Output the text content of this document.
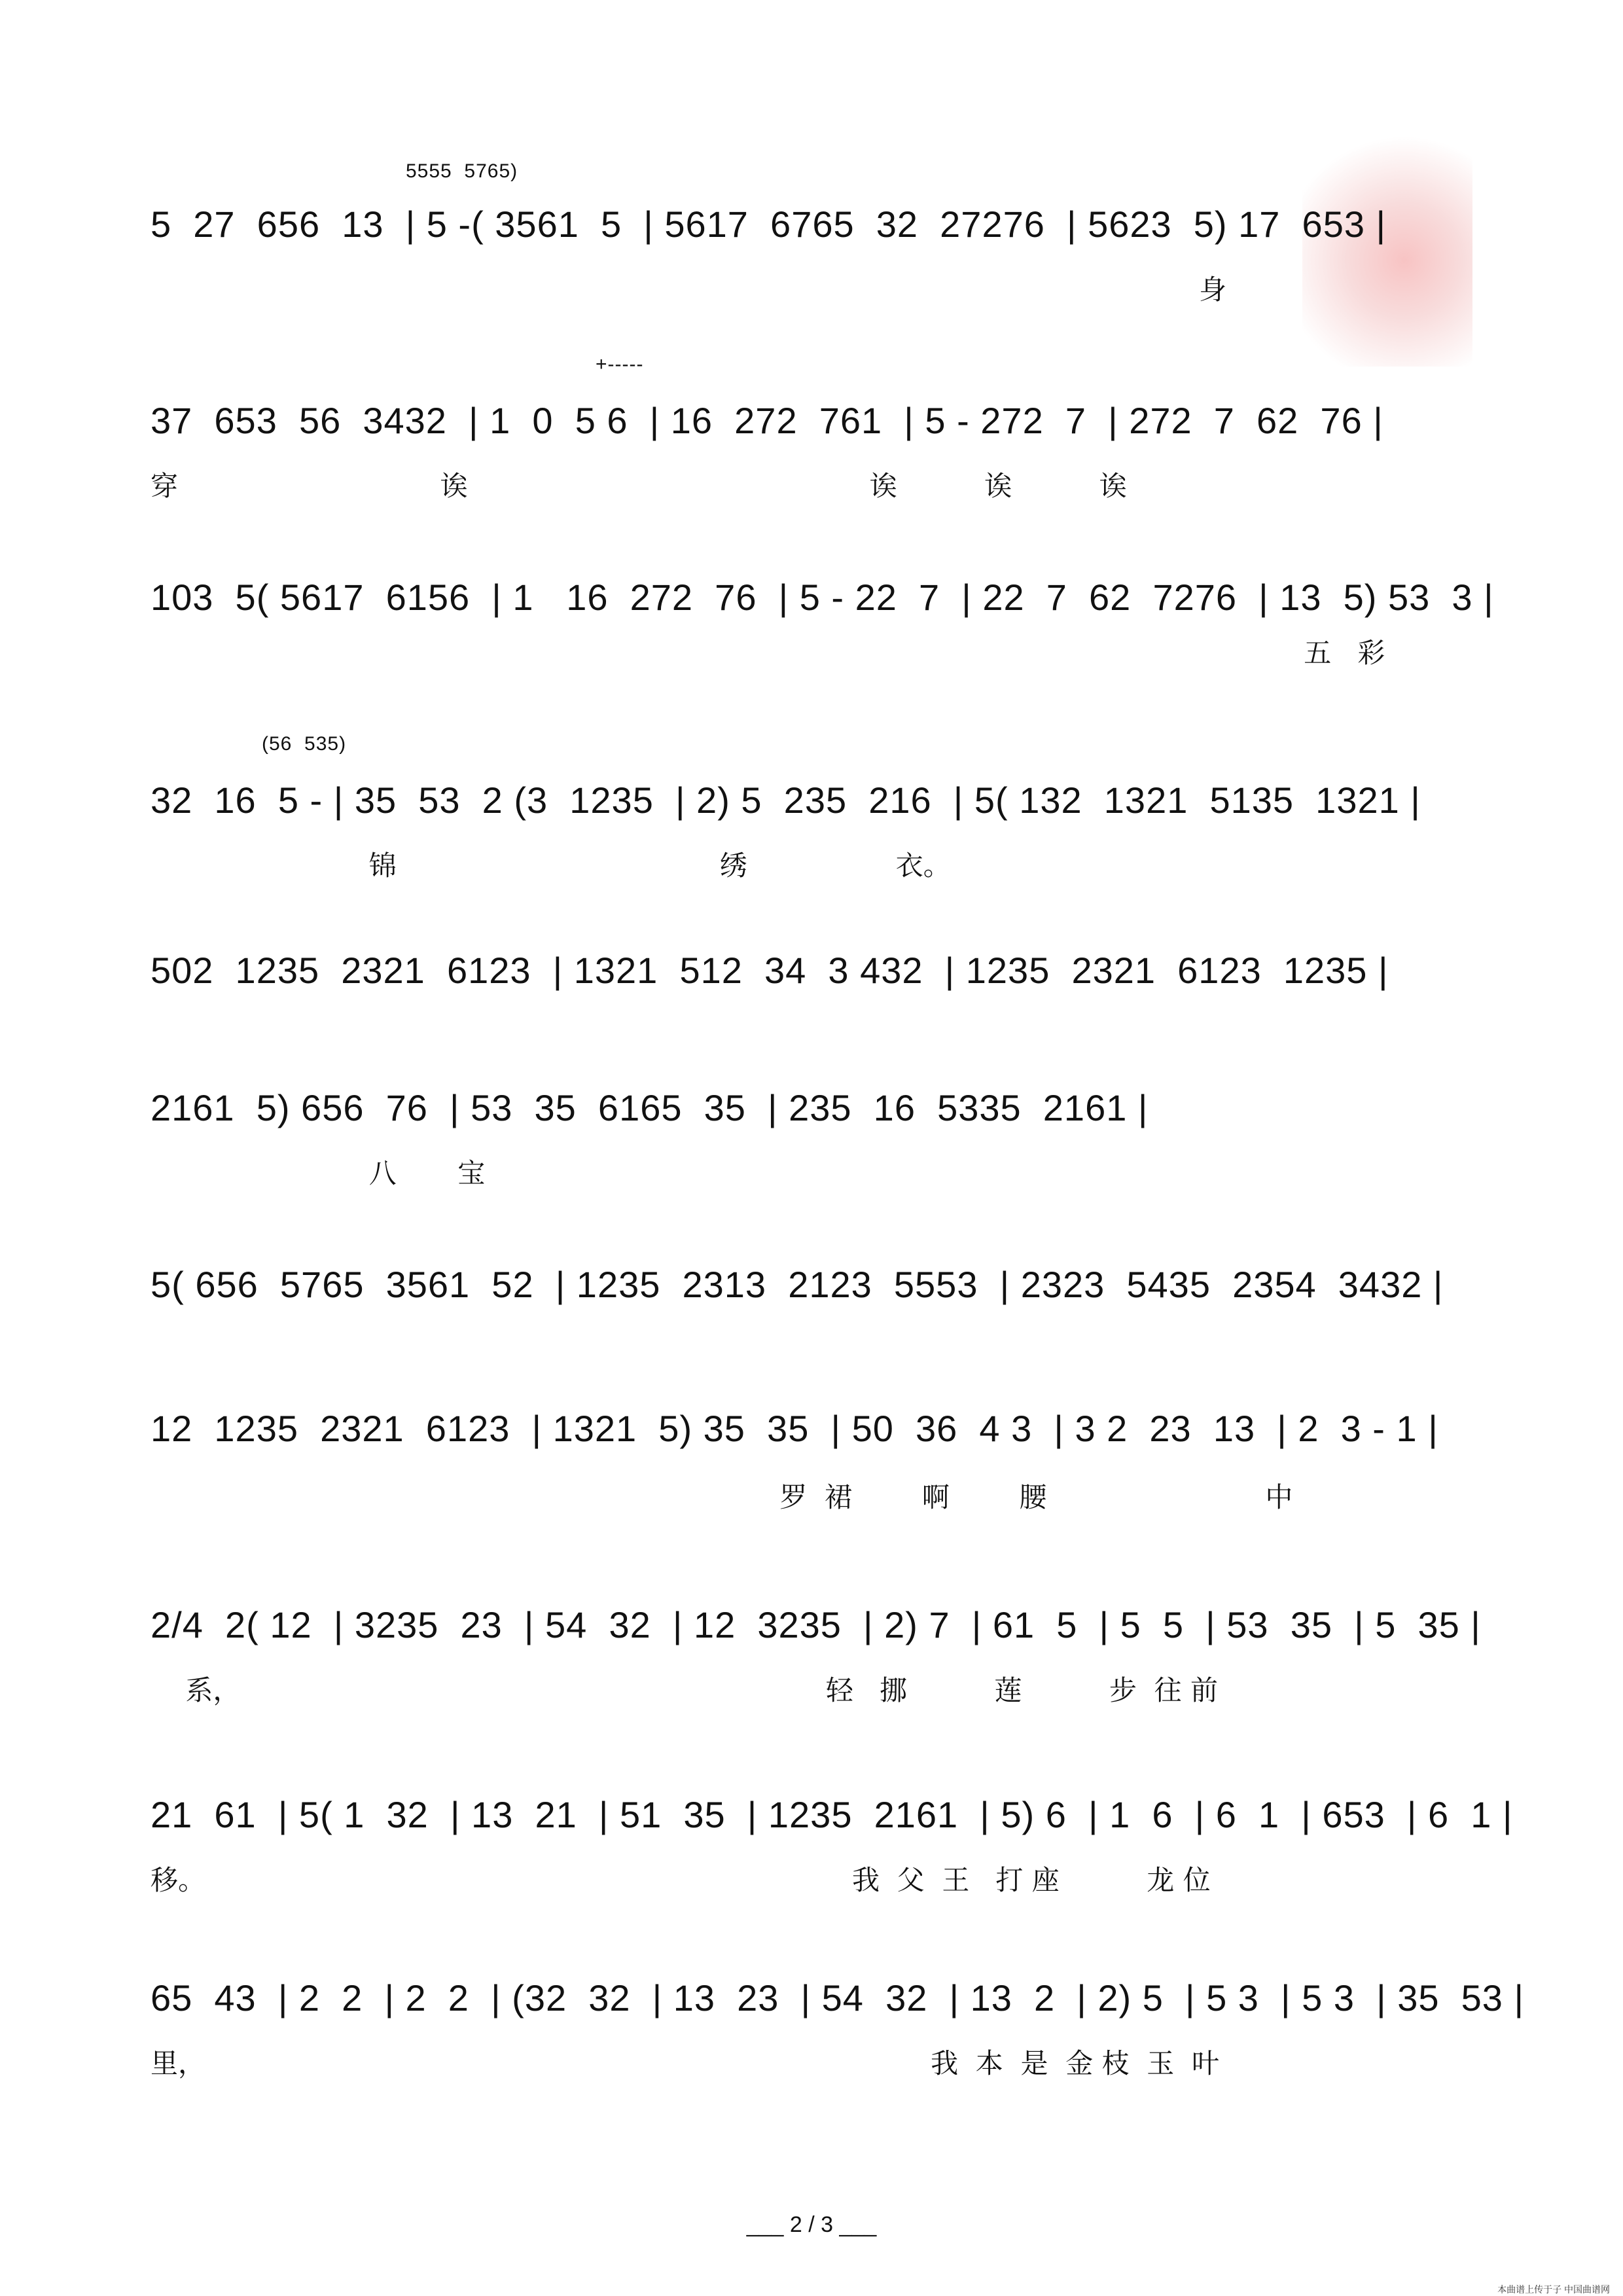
5555  5765)
5  27  656  13  | 5 -( 3561  5  | 5617  6765  32  27276  | 5623  5) 17  653 |
身
+-----
37  653  56  3432  | 1  0  5 6  | 16  272  761  | 5 - 272  7  | 272  7  62  76 |
穿                              诶                                              诶          诶          诶
103  5( 5617  6156  | 1   16  272  76  | 5 - 22  7  | 22  7  62  7276  | 13  5) 53  3 |
五   彩
(56  535)
32  16  5 - | 35  53  2 (3  1235  | 2) 5  235  216  | 5( 132  1321  5135  1321 |
锦                                     绣                 衣。
502  1235  2321  6123  | 1321  512  34  3 432  | 1235  2321  6123  1235 |
2161  5) 656  76  | 53  35  6165  35  | 235  16  5335  2161 |
八       宝
5( 656  5765  3561  52  | 1235  2313  2123  5553  | 2323  5435  2354  3432 |
12  1235  2321  6123  | 1321  5) 35  35  | 50  36  4 3  | 3 2  23  13  | 2  3 - 1 |
罗  裙        啊        腰                         中
2/4  2( 12  | 3235  23  | 54  32  | 12  3235  | 2) 7  | 61  5  | 5  5  | 53  35  | 5  35 |
系，                                                                   轻   挪          莲          步  往 前
21  61  | 5( 1  32  | 13  21  | 51  35  | 1235  2161  | 5) 6  | 1  6  | 6  1  | 653  | 6  1 |
移。                                                                          我  父  王   打 座          龙 位
65  43  | 2  2  | 2  2  | (32  32  | 13  23  | 54  32  | 13  2  | 2) 5  | 5 3  | 5 3  | 35  53 |
里，                                                                                   我  本  是  金 枝  玉  叶
___ 2 / 3 ___
本曲谱上传于子 中国曲谱网
